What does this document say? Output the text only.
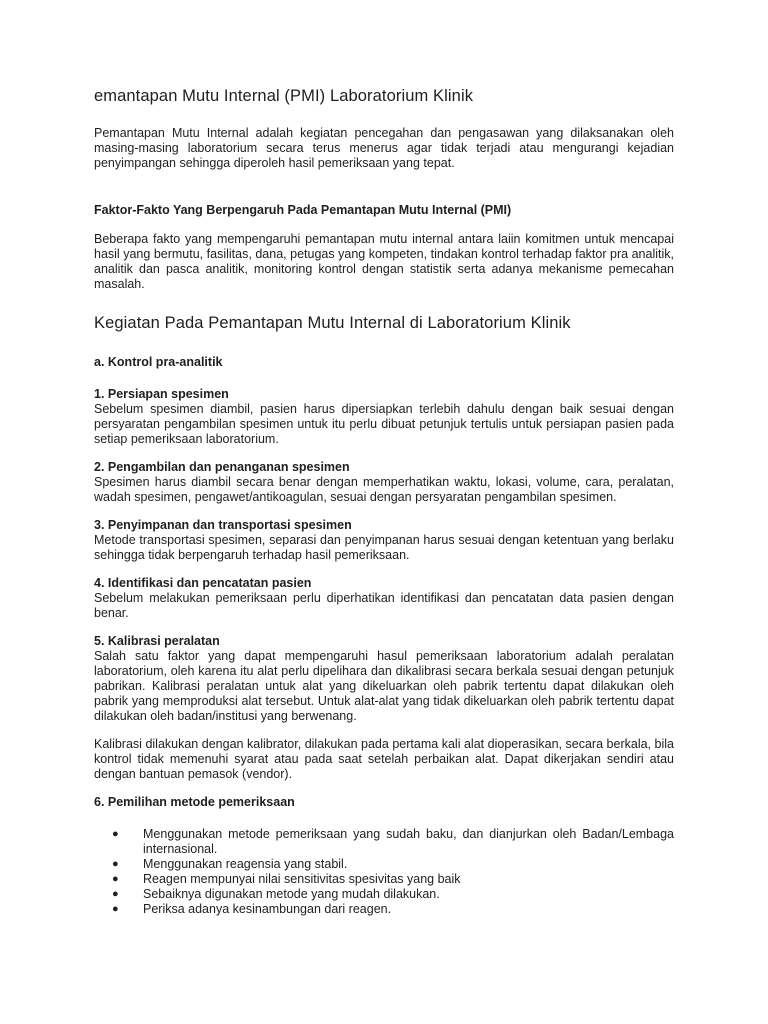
emantapan Mutu Internal (PMI) Laboratorium Klinik

Pemantapan Mutu Internal adalah kegiatan pencegahan dan pengasawan yang dilaksanakan oleh masing-masing laboratorium secara terus menerus agar tidak terjadi atau mengurangi kejadian penyimpangan sehingga diperoleh hasil pemeriksaan yang tepat.

Faktor-Fakto Yang Berpengaruh Pada Pemantapan Mutu Internal (PMI)

Beberapa fakto yang mempengaruhi pemantapan mutu internal antara laiin komitmen untuk mencapai hasil yang bermutu, fasilitas, dana, petugas yang kompeten, tindakan kontrol terhadap faktor pra analitik, analitik dan pasca analitik, monitoring kontrol dengan statistik serta adanya mekanisme pemecahan masalah.

Kegiatan Pada Pemantapan Mutu Internal di Laboratorium Klinik
a. Kontrol pra-analitik
1. Persiapan spesimen

Sebelum spesimen diambil, pasien harus dipersiapkan terlebih dahulu dengan baik sesuai dengan persyaratan pengambilan spesimen untuk itu perlu dibuat petunjuk tertulis untuk persiapan pasien pada setiap pemeriksaan laboratorium.

2. Pengambilan dan penanganan spesimen

Spesimen harus diambil secara benar dengan memperhatikan waktu, lokasi, volume, cara, peralatan, wadah spesimen, pengawet/antikoagulan, sesuai dengan persyaratan pengambilan spesimen.

3. Penyimpanan dan transportasi spesimen

Metode transportasi spesimen, separasi dan penyimpanan harus sesuai dengan ketentuan yang berlaku sehingga tidak berpengaruh terhadap hasil pemeriksaan.

4. Identifikasi dan pencatatan pasien

Sebelum melakukan pemeriksaan perlu diperhatikan identifikasi dan pencatatan data pasien dengan benar.

5. Kalibrasi peralatan

Salah satu faktor yang dapat mempengaruhi hasul pemeriksaan laboratorium adalah peralatan laboratorium, oleh karena itu alat perlu dipelihara dan dikalibrasi secara berkala sesuai dengan petunjuk pabrikan. Kalibrasi peralatan untuk alat yang dikeluarkan oleh pabrik tertentu dapat dilakukan oleh pabrik yang memproduksi alat tersebut. Untuk alat-alat yang tidak dikeluarkan oleh pabrik tertentu dapat dilakukan oleh badan/institusi yang berwenang.

Kalibrasi dilakukan dengan kalibrator, dilakukan pada pertama kali alat dioperasikan, secara berkala, bila kontrol tidak memenuhi syarat atau pada saat setelah perbaikan alat. Dapat dikerjakan sendiri atau dengan bantuan pemasok (vendor).

6. Pemilihan metode pemeriksaan
● Menggunakan metode pemeriksaan yang sudah baku, dan dianjurkan oleh Badan/Lembaga internasional.
● Menggunakan reagensia yang stabil.
● Reagen mempunyai nilai sensitivitas spesivitas yang baik
● Sebaiknya digunakan metode yang mudah dilakukan.
● Periksa adanya kesinambungan dari reagen.
